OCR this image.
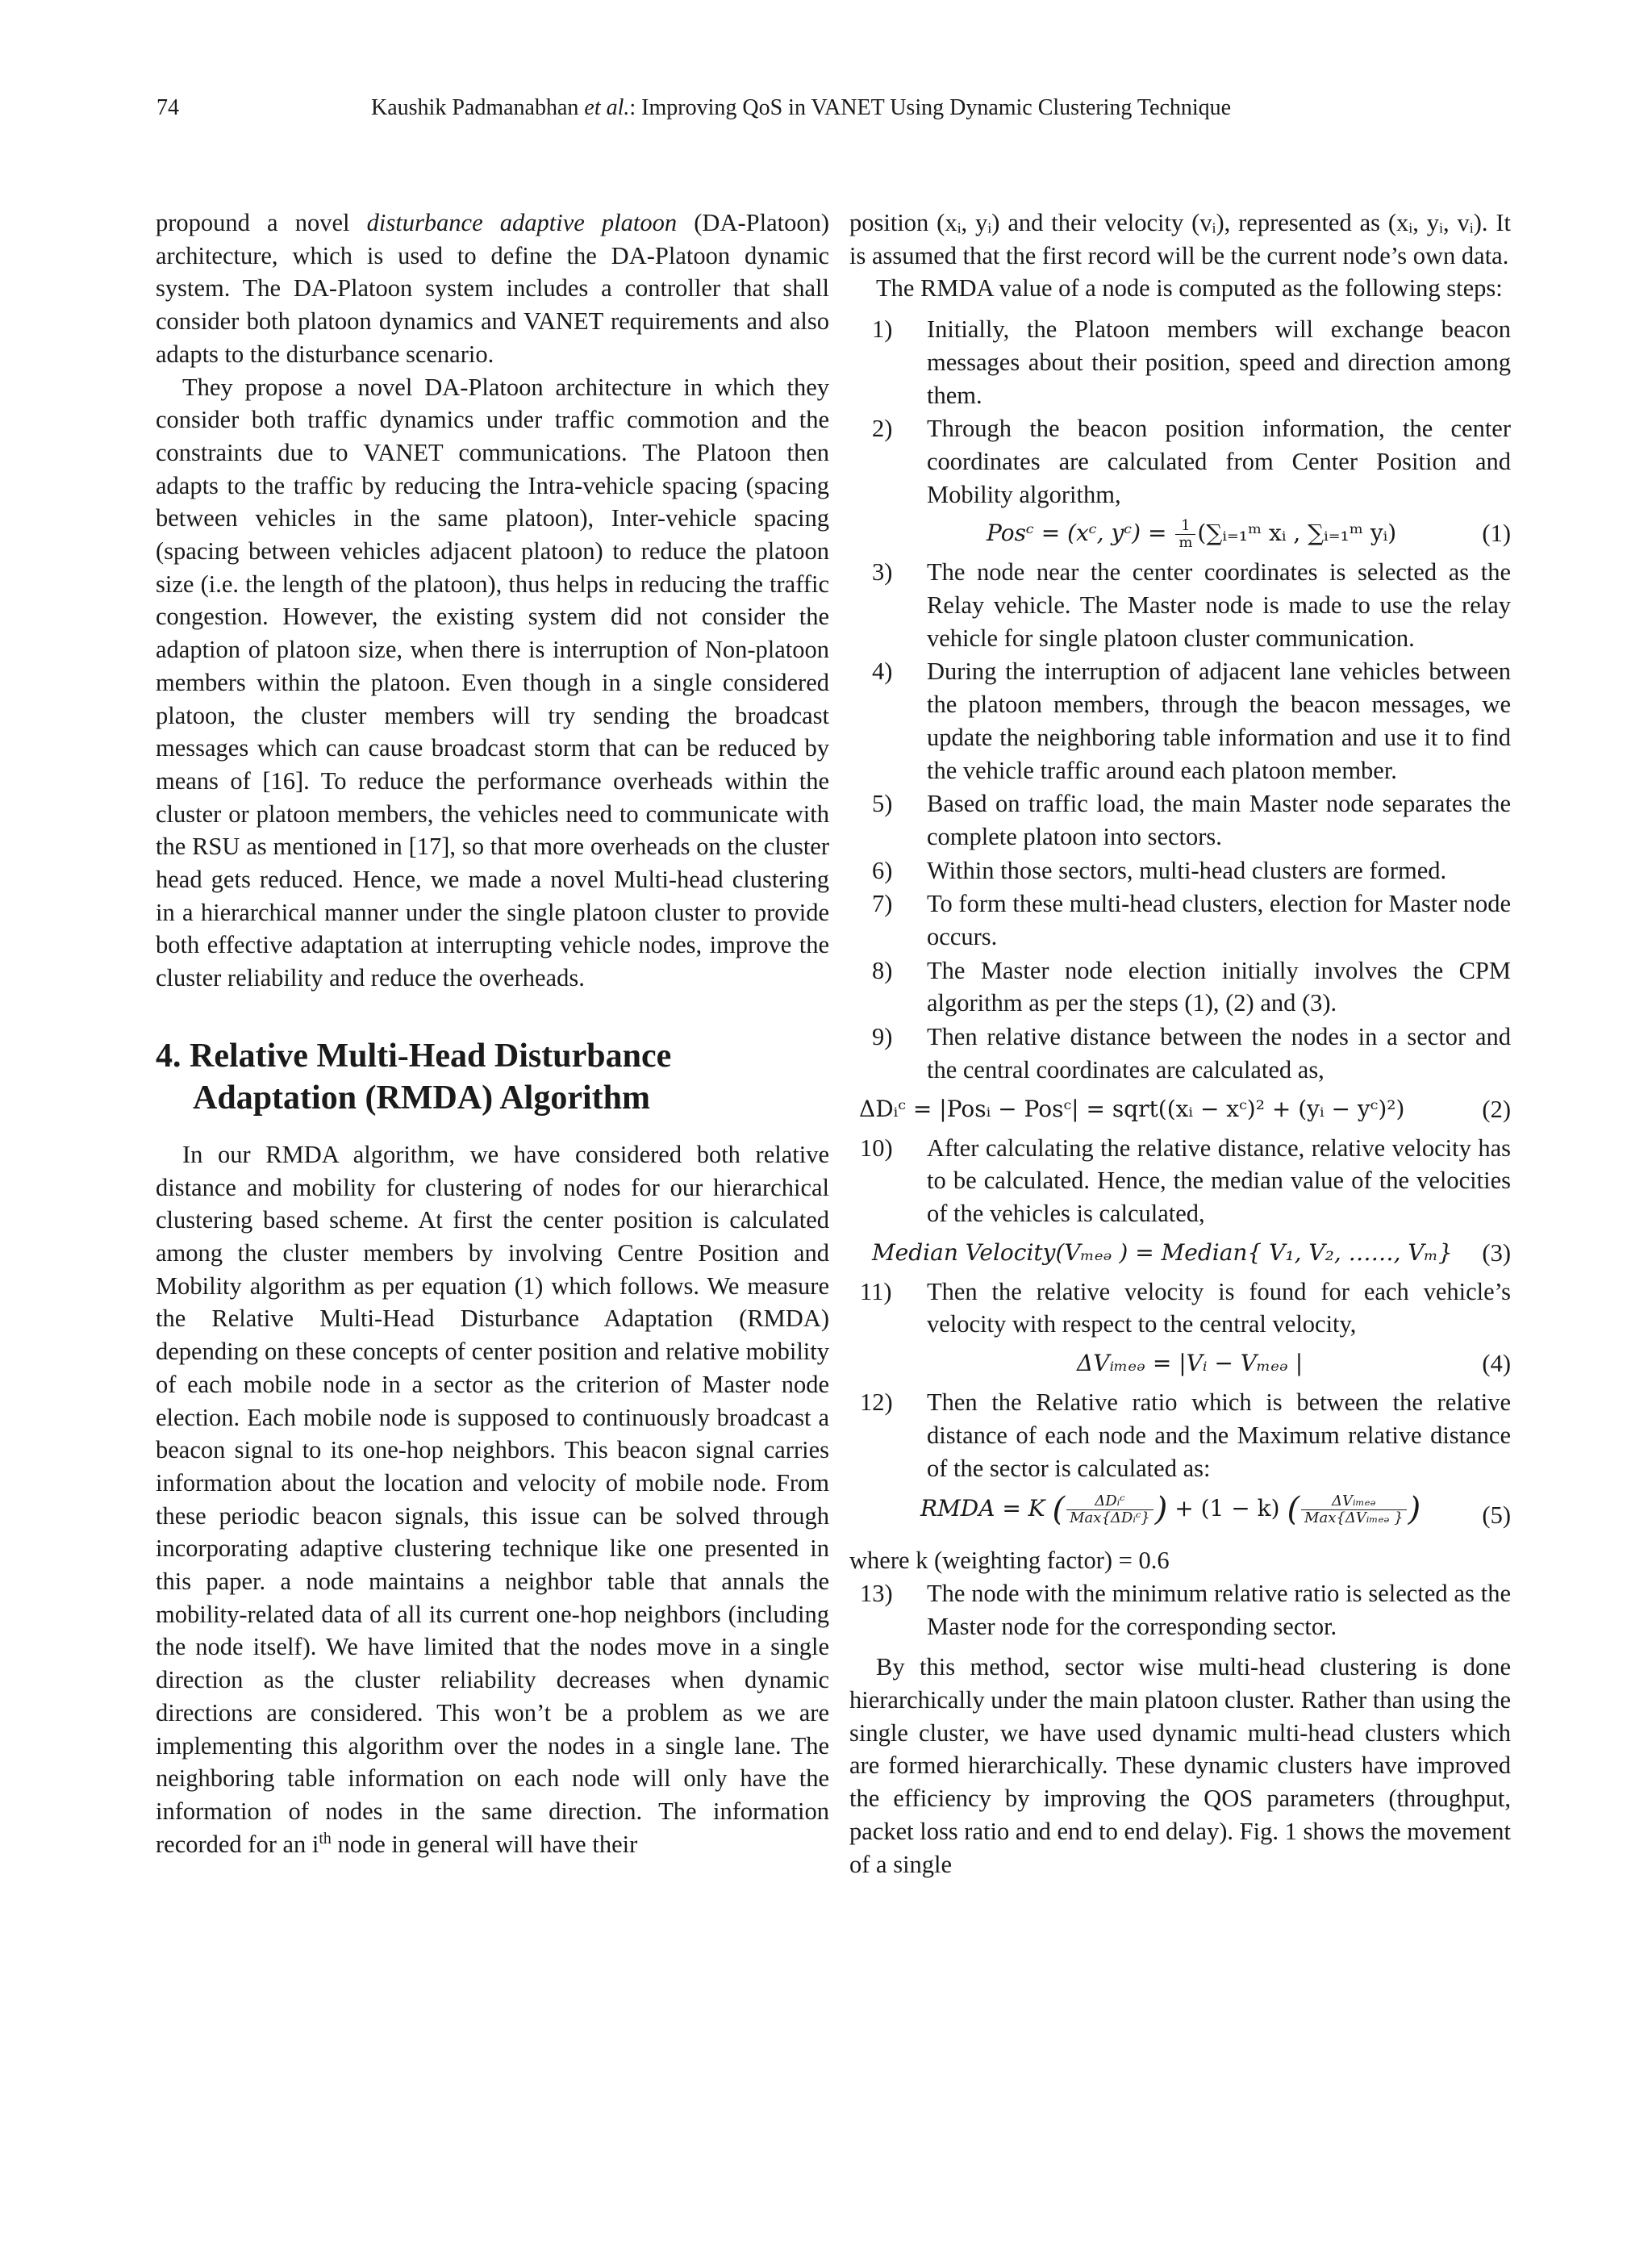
74	Kaushik Padmanabhan et al.: Improving QoS in VANET Using Dynamic Clustering Technique

propound a novel disturbance adaptive platoon (DA-Platoon) architecture, which is used to define the DA-Platoon dynamic system. The DA-Platoon system includes a controller that shall consider both platoon dynamics and VANET requirements and also adapts to the disturbance scenario.

They propose a novel DA-Platoon architecture in which they consider both traffic dynamics under traffic commotion and the constraints due to VANET communications. The Platoon then adapts to the traffic by reducing the Intra-vehicle spacing (spacing between vehicles in the same platoon), Inter-vehicle spacing (spacing between vehicles adjacent platoon) to reduce the platoon size (i.e. the length of the platoon), thus helps in reducing the traffic congestion. However, the existing system did not consider the adaption of platoon size, when there is interruption of Non-platoon members within the platoon. Even though in a single considered platoon, the cluster members will try sending the broadcast messages which can cause broadcast storm that can be reduced by means of [16]. To reduce the performance overheads within the cluster or platoon members, the vehicles need to communicate with the RSU as mentioned in [17], so that more overheads on the cluster head gets reduced. Hence, we made a novel Multi-head clustering in a hierarchical manner under the single platoon cluster to provide both effective adaptation at interrupting vehicle nodes, improve the cluster reliability and reduce the overheads.

4. Relative Multi-Head Disturbance
Adaptation (RMDA) Algorithm

In our RMDA algorithm, we have considered both relative distance and mobility for clustering of nodes for our hierarchical clustering based scheme. At first the center position is calculated among the cluster members by involving Centre Position and Mobility algorithm as per equation (1) which follows. We measure the Relative Multi-Head Disturbance Adaptation (RMDA) depending on these concepts of center position and relative mobility of each mobile node in a sector as the criterion of Master node election. Each mobile node is supposed to continuously broadcast a beacon signal to its one-hop neighbors. This beacon signal carries information about the location and velocity of mobile node. From these periodic beacon signals, this issue can be solved through incorporating adaptive clustering technique like one presented in this paper. a node maintains a neighbor table that annals the mobility-related data of all its current one-hop neighbors (including the node itself). We have limited that the nodes move in a single direction as the cluster reliability decreases when dynamic directions are considered. This won’t be a problem as we are implementing this algorithm over the nodes in a single lane. The neighboring table information on each node will only have the information of nodes in the same direction. The information recorded for an $i^{th}$ node in general will have their

position (xᵢ, yᵢ) and their velocity (vᵢ), represented as (xᵢ, yᵢ, vᵢ). It is assumed that the first record will be the current node’s own data.

The RMDA value of a node is computed as the following steps:

1) Initially, the Platoon members will exchange beacon messages about their position, speed and direction among them.
2) Through the beacon position information, the center coordinates are calculated from Center Position and Mobility algorithm,
Posᶜ = (xᶜ, yᶜ) = $\frac{1}{m}$ (∑ᵢ₌₁ᵐ xᵢ , ∑ᵢ₌₁ᵐ yᵢ)	(1)
3) The node near the center coordinates is selected as the Relay vehicle. The Master node is made to use the relay vehicle for single platoon cluster communication.
4) During the interruption of adjacent lane vehicles between the platoon members, through the beacon messages, we update the neighboring table information and use it to find the vehicle traffic around each platoon member.
5) Based on traffic load, the main Master node separates the complete platoon into sectors.
6) Within those sectors, multi-head clusters are formed.
7) To form these multi-head clusters, election for Master node occurs.
8) The Master node election initially involves the CPM algorithm as per the steps (1), (2) and (3).
9) Then relative distance between the nodes in a sector and the central coordinates are calculated as,
ΔDᵢᶜ = |Posᵢ − Posᶜ| = sqrt((xᵢ − xᶜ)² + (yᵢ − yᶜ)²)	(2)
10) After calculating the relative distance, relative velocity has to be calculated. Hence, the median value of the velocities of the vehicles is calculated,
Median Velocity(Vₘₑₔ ) = Median{ V₁, V₂, ……, Vₘ} (3)
11) Then the relative velocity is found for each vehicle’s velocity with respect to the central velocity,
ΔVᵢₘₑₔ = |Vᵢ − Vₘₑₔ |	(4)
12) Then the Relative ratio which is between the relative distance of each node and the Maximum relative distance of the sector is calculated as:
RMDA = K ( $\frac{\text{ΔDᵢᶜ}}{\text{Max\{ΔDᵢᶜ\}}}$ ) + (1 − k) ( $\frac{\text{ΔVᵢₘₑₔ}}{\text{Max\{ΔVᵢₘₑₔ \}}}$ ) (5)

where k (weighting factor) = 0.6

13) The node with the minimum relative ratio is selected as the Master node for the corresponding sector.

By this method, sector wise multi-head clustering is done hierarchically under the main platoon cluster. Rather than using the single cluster, we have used dynamic multi-head clusters which are formed hierarchically. These dynamic clusters have improved the efficiency by improving the QOS parameters (throughput, packet loss ratio and end to end delay). Fig. 1 shows the movement of a single
